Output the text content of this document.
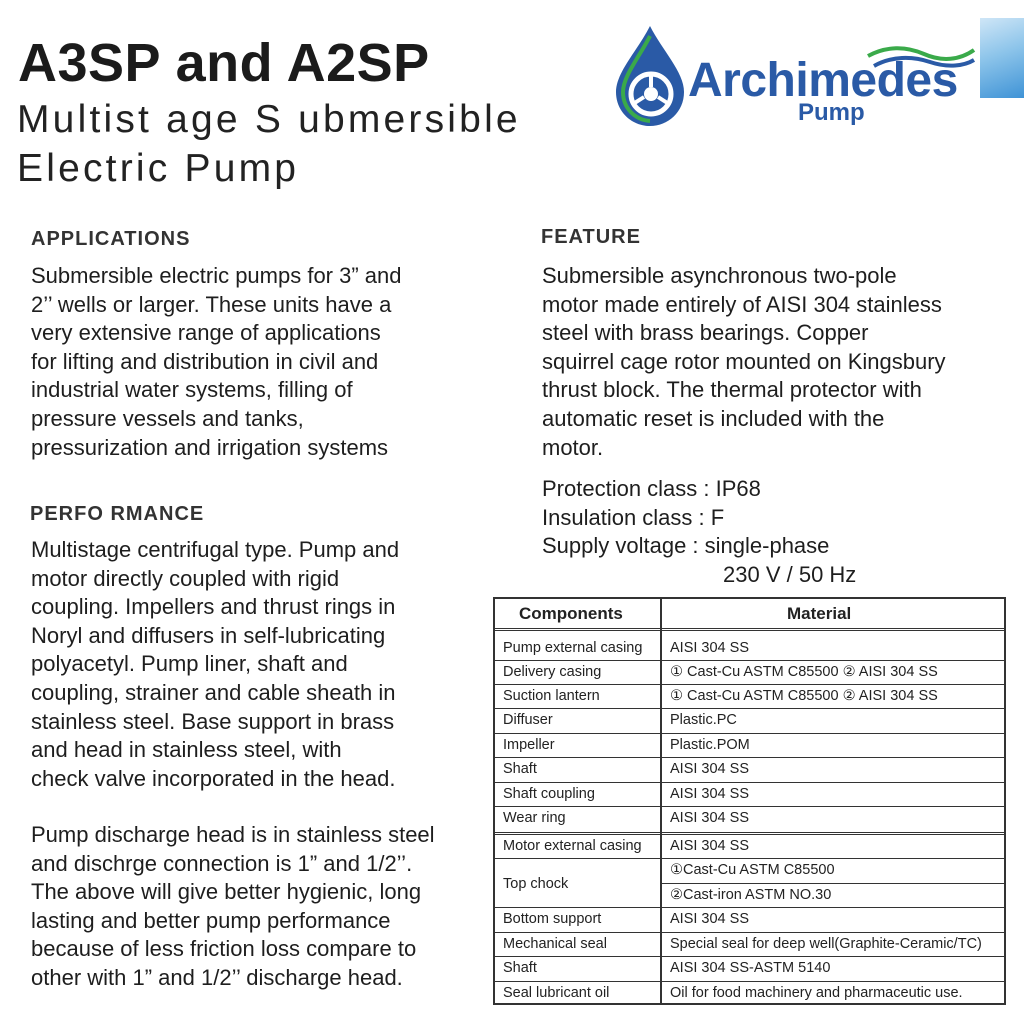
A3SP and A2SP
Multist age S ubmersible
Electric Pump
Archimedes
Pump
APPLICATIONS
Submersible electric pumps for 3” and
2’’ wells or larger. These units have a
very extensive range of applications
for lifting and distribution in civil and
industrial water systems, filling of
pressure vessels and tanks,
pressurization and irrigation systems
FEATURE
Submersible asynchronous two-pole
motor made entirely of AISI 304 stainless
steel with brass bearings. Copper
squirrel cage rotor mounted on Kingsbury
thrust block. The thermal protector with
automatic reset is included with the
motor.
Protection class : IP68
Insulation class : F
Supply voltage : single-phase
230 V / 50 Hz
PERFO RMANCE
Multistage centrifugal type. Pump and
motor directly coupled with rigid
coupling. Impellers and thrust rings in
Noryl and diffusers in self-lubricating
polyacetyl. Pump liner, shaft and
coupling, strainer and cable sheath in
stainless steel. Base support in brass
and head in stainless steel, with
check valve incorporated in the head.
Pump discharge head is in stainless steel
and dischrge connection is 1” and 1/2’’.
The above will give better hygienic, long
lasting and better pump performance
because of less friction loss compare to
other with 1” and 1/2’’ discharge head.
Components	Material
Pump external casing AISI 304 SS
Delivery casing	① Cast-Cu ASTM C85500 ② AISI 304 SS
Suction lantern	① Cast-Cu ASTM C85500 ② AISI 304 SS
Diffuser	Plastic.PC
Impeller	Plastic.POM
Shaft	AISI 304 SS
Shaft coupling	AISI 304 SS
Wear ring	AISI 304 SS
Motor external casing AISI 304 SS
Top chock
①Cast-Cu ASTM C85500
②Cast-iron ASTM NO.30
Bottom support	AISI 304 SS
Mechanical seal	Special seal for deep well(Graphite-Ceramic/TC)
Shaft	AISI 304 SS-ASTM 5140
Seal lubricant oil	Oil for food machinery and pharmaceutic use.
